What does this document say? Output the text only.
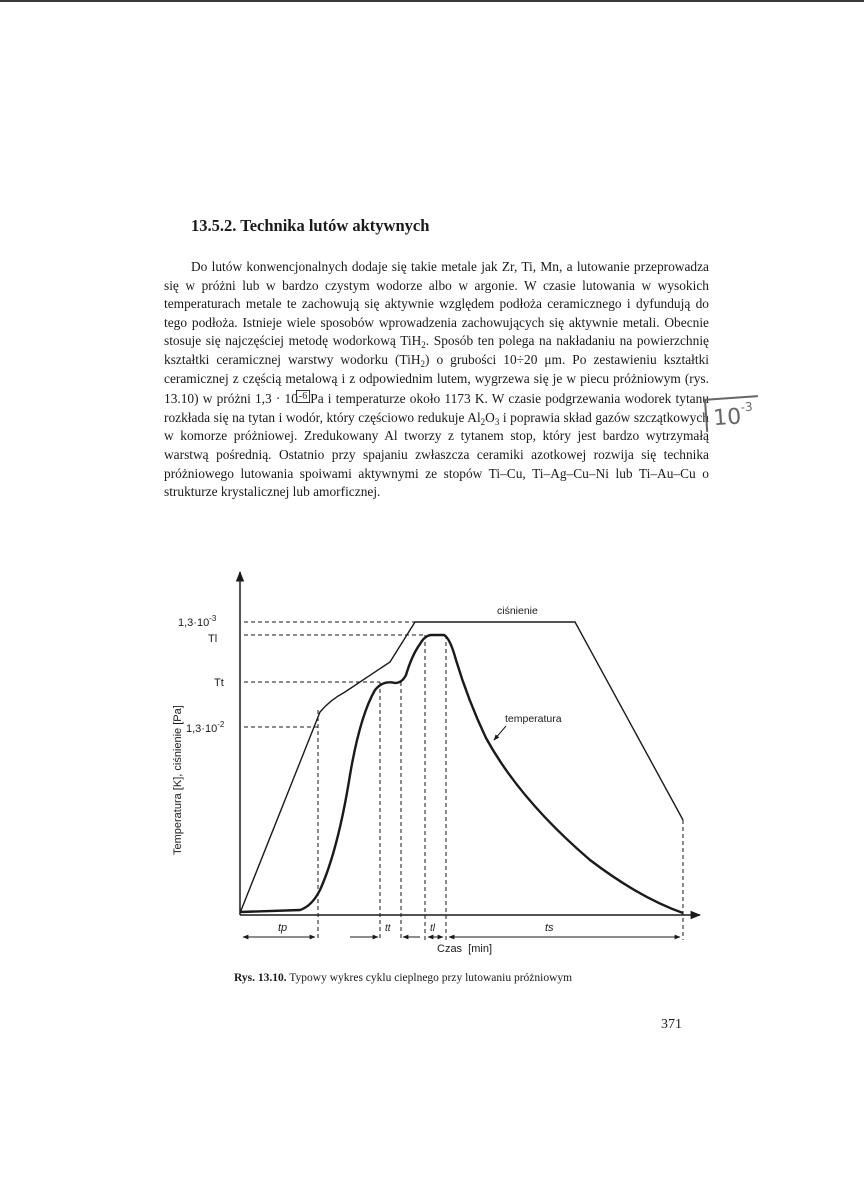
13.5.2. Technika lutów aktywnych

Do lutów konwencjonalnych dodaje się takie metale jak Zr, Ti, Mn, a lutowanie przeprowadza się w próżni lub w bardzo czystym wodorze albo w argonie. W czasie lutowania w wysokich temperaturach metale te zachowują się aktywnie względem podłoża ceramicznego i dyfundują do tego podłoża. Istnieje wiele sposobów wprowadzenia zachowujących się aktywnie metali. Obecnie stosuje się najczęściej metodę wodorkową TiH$_2$. Sposób ten polega na nakładaniu na powierzchnię kształtki ceramicznej warstwy wodorku (TiH$_2$) o grubości 10÷20 μm. Po zestawieniu kształtki ceramicznej z częścią metalową i z odpowiednim lutem, wygrzewa się je w piecu próżniowym (rys. 13.10) w próżni $1,3 \cdot 10^{-6}$ Pa i temperaturze około 1173 K. W czasie podgrzewania wodorek tytanu rozkłada się na tytan i wodór, który częściowo redukuje $Al_2O_3$ i poprawia skład gazów szczątkowych w komorze próżniowej. Zredukowany Al tworzy z tytanem stop, który jest bardzo wytrzymałą warstwą pośrednią. Ostatnio przy spajaniu zwłaszcza ceramiki azotkowej rozwija się technika próżniowego lutowania spoiwami aktywnymi ze stopów Ti–Cu, Ti–Ag–Cu–Ni lub Ti–Au–Cu o strukturze krystalicznej lub amorficznej.

$10^{-3}$
$1,3\cdot 10^{-3}$
Tl
Tt
$1,3\cdot 10^{-2}$
Temperatura [K], ciśnienie [Pa]
ciśnienie
temperatura
tp	tt	tl	ts
Czas  [min]
Rys. 13.10. Typowy wykres cyklu cieplnego przy lutowaniu próżniowym
371
